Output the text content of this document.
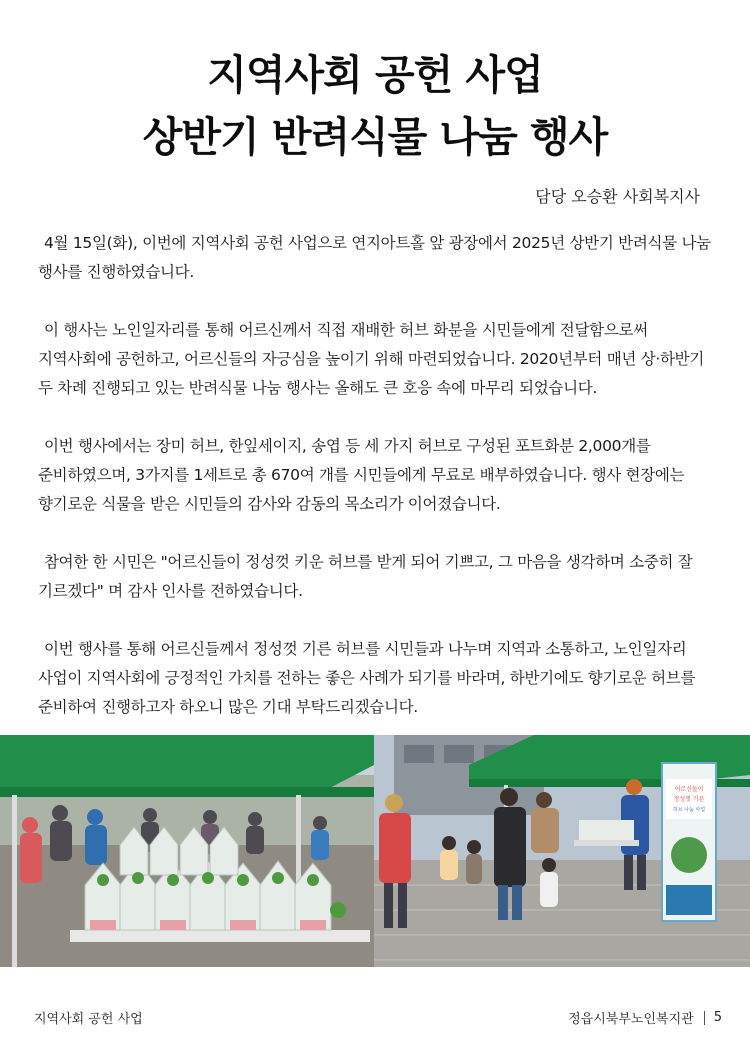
지역사회 공헌 사업
상반기 반려식물 나눔 행사
담당 오승환 사회복지사

4월 15일(화), 이번에 지역사회 공헌 사업으로 연지아트홀 앞 광장에서 2025년 상반기 반려식물 나눔 행사를 진행하였습니다.

이 행사는 노인일자리를 통해 어르신께서 직접 재배한 허브 화분을 시민들에게 전달함으로써 지역사회에 공헌하고, 어르신들의 자긍심을 높이기 위해 마련되었습니다. 2020년부터 매년 상·하반기 두 차례 진행되고 있는 반려식물 나눔 행사는 올해도 큰 호응 속에 마무리 되었습니다.

이번 행사에서는 장미 허브, 한잎세이지, 송엽 등 세 가지 허브로 구성된 포트화분 2,000개를 준비하였으며, 3가지를 1세트로 총 670여 개를 시민들에게 무료로 배부하였습니다. 행사 현장에는 향기로운 식물을 받은 시민들의 감사와 감동의 목소리가 이어졌습니다.

참여한 한 시민은 "어르신들이 정성껏 키운 허브를 받게 되어 기쁘고, 그 마음을 생각하며 소중히 잘 기르겠다" 며 감사 인사를 전하였습니다.

이번 행사를 통해 어르신들께서 정성껏 기른 허브를 시민들과 나누며 지역과 소통하고, 노인일자리 사업이 지역사회에 긍정적인 가치를 전하는 좋은 사례가 되기를 바라며, 하반기에도 향기로운 허브를 준비하여 진행하고자 하오니 많은 기대 부탁드리겠습니다.

어르신들이
정성껏 기른
허브 나눔 사업
지역사회 공헌 사업	정읍시북부노인복지관 5
